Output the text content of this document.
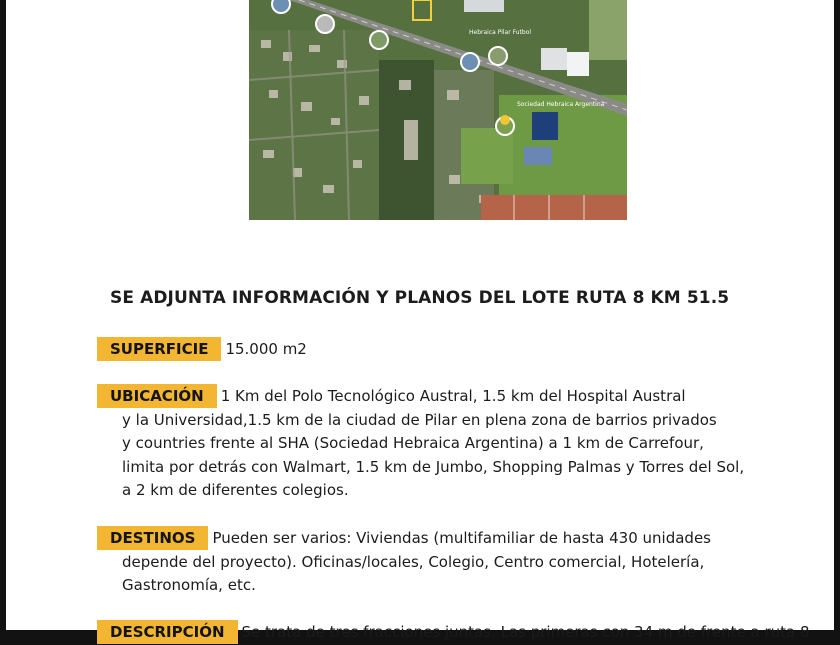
Hebraica Pilar Futbol
Sociedad Hebraica Argentina
SE ADJUNTA INFORMACIÓN Y PLANOS DEL LOTE RUTA 8 KM 51.5
SUPERFICIE 15.000 m2
UBICACIÓN 1 Km del Polo Tecnológico Austral, 1.5 km del Hospital Austral
y la Universidad,1.5 km de la ciudad de Pilar en plena zona de barrios privados
y countries frente al SHA (Sociedad Hebraica Argentina) a 1 km de Carrefour,
limita por detrás con Walmart, 1.5 km de Jumbo, Shopping Palmas y Torres del Sol,
a 2 km de diferentes colegios.
DESTINOS Pueden ser varios: Viviendas (multifamiliar de hasta 430 unidades
depende del proyecto). Oficinas/locales, Colegio, Centro comercial, Hotelería,
Gastronomía, etc.
DESCRIPCIÓN Se trata de tres fracciones juntas. Las primeras con 34 m de frente a ruta 8
